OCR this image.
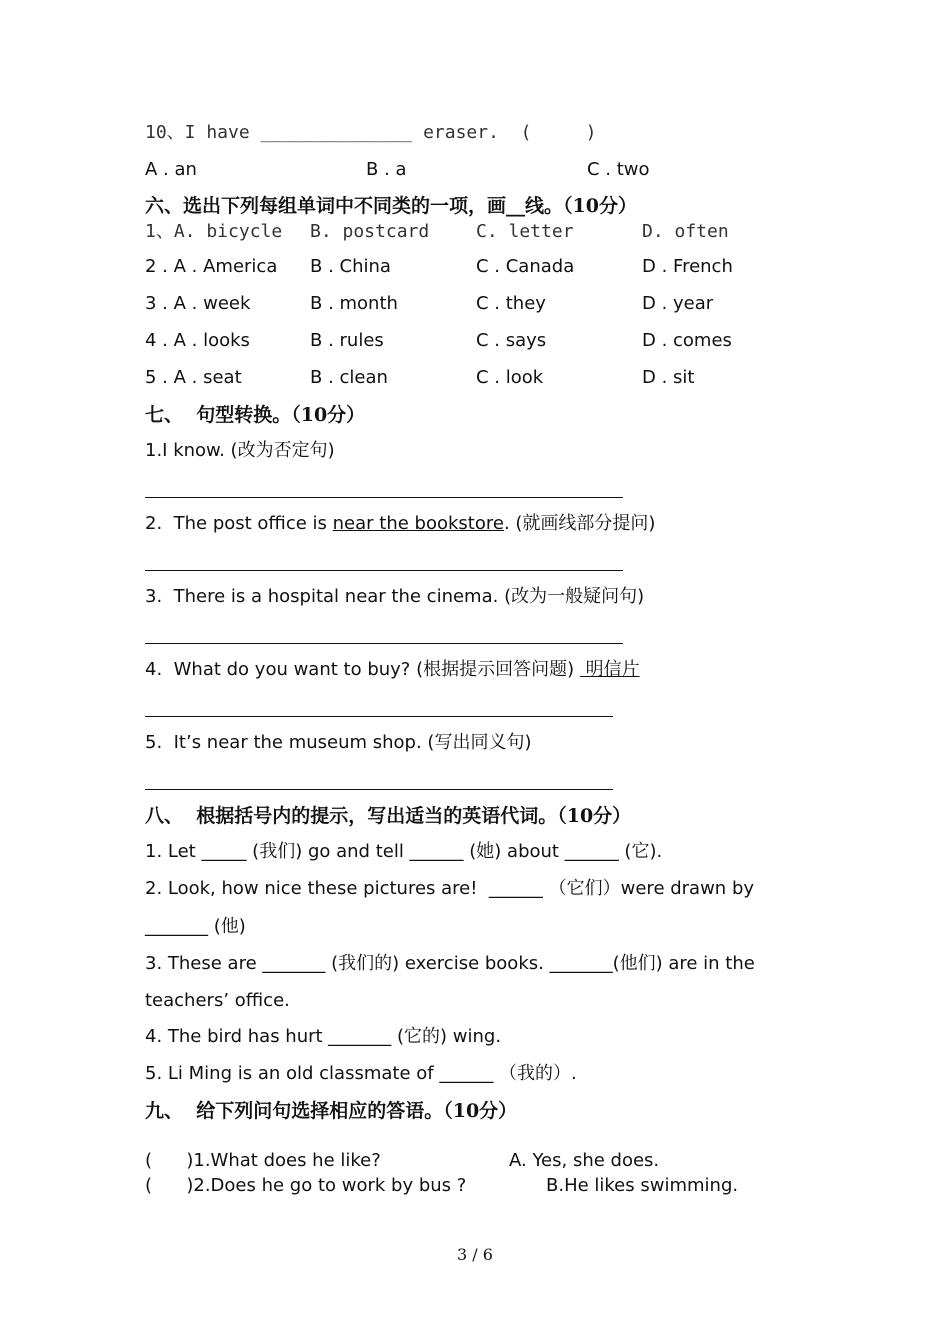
10、I have ______________ eraser.  (     )
A . an	B . a	C . two
六、选出下列每组单词中不同类的一项，画__线。（10分）
1、A. bicycle B. postcard	C. letter	D. often
2 . A . America B . China	C . Canada	D . French
3 . A . week	B . month	C . they	D . year
4 . A . looks	B . rules	C . says	D . comes
5 . A . seat	B . clean	C . look	D . sit
七、  句型转换。（10分）
1.I know. (改为否定句)
2.  The post office is near the bookstore. (就画线部分提问)
3.  There is a hospital near the cinema. (改为一般疑问句)
4.  What do you want to buy? (根据提示回答问题)  明信片
5.  It’s near the museum shop. (写出同义句)
八、  根据括号内的提示，写出适当的英语代词。（10分）
1. Let _____ (我们) go and tell ______ (她) about ______ (它).
2. Look, how nice these pictures are!  ______ （它们）were drawn by
_______ (他)
3. These are _______ (我们的) exercise books. _______(他们) are in the
teachers’ office.
4. The bird has hurt _______ (它的) wing.
5. Li Ming is an old classmate of ______ （我的）.
九、  给下列问句选择相应的答语。（10分）
(      )1.What does he like?	A. Yes, she does.
(      )2.Does he go to work by bus ?	B.He likes swimming.
3 / 6
